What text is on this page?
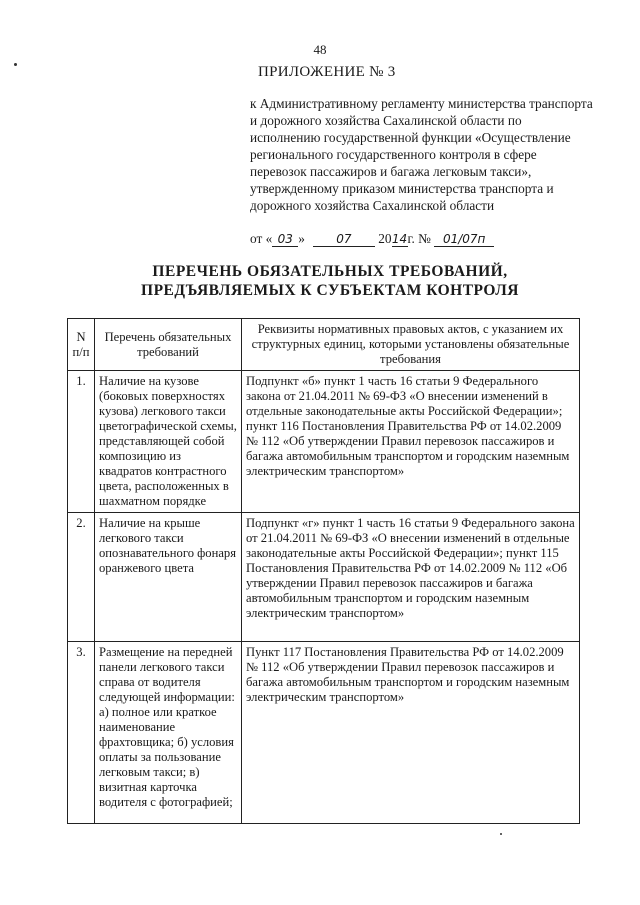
48
ПРИЛОЖЕНИЕ № 3
к Административному регламенту министерства транспорта и дорожного хозяйства Сахалинской области по исполнению государственной функции «Осуществление регионального государственного контроля в сфере перевозок пассажиров и багажа легковым такси», утвержденному приказом министерства транспорта и дорожного хозяйства Сахалинской области
от « 03 »	07 2014г. № 01/07п
ПЕРЕЧЕНЬ ОБЯЗАТЕЛЬНЫХ ТРЕБОВАНИЙ,
ПРЕДЪЯВЛЯЕМЫХ К СУБЪЕКТАМ КОНТРОЛЯ
N п/п	Перечень обязательных требований	Реквизиты нормативных правовых актов, с указанием их структурных единиц, которыми установлены обязательные требования
1.	Наличие на кузове (боковых поверхностях кузова) легкового такси цветографической схемы, представляющей собой композицию из квадратов контрастного цвета, расположенных в шахматном порядке	Подпункт «б» пункт 1 часть 16 статьи 9 Федерального закона от 21.04.2011 № 69-ФЗ «О внесении изменений в отдельные законодательные акты Российской Федерации»; пункт 116 Постановления Правительства РФ от 14.02.2009 № 112 «Об утверждении Правил перевозок пассажиров и багажа автомобильным транспортом и городским наземным электрическим транспортом»
2.	Наличие на крыше легкового такси опознавательного фонаря оранжевого цвета	Подпункт «г» пункт 1 часть 16 статьи 9 Федерального закона от 21.04.2011 № 69-ФЗ «О внесении изменений в отдельные законодательные акты Российской Федерации»; пункт 115 Постановления Правительства РФ от 14.02.2009 № 112 «Об утверждении Правил перевозок пассажиров и багажа автомобильным транспортом и городским наземным электрическим транспортом»
3.	Размещение на передней панели легкового такси справа от водителя следующей информации: а) полное или краткое наименование фрахтовщика; б) условия оплаты за пользование легковым такси; в) визитная карточка водителя с фотографией;	Пункт 117 Постановления Правительства РФ от 14.02.2009 № 112 «Об утверждении Правил перевозок пассажиров и багажа автомобильным транспортом и городским наземным электрическим транспортом»
